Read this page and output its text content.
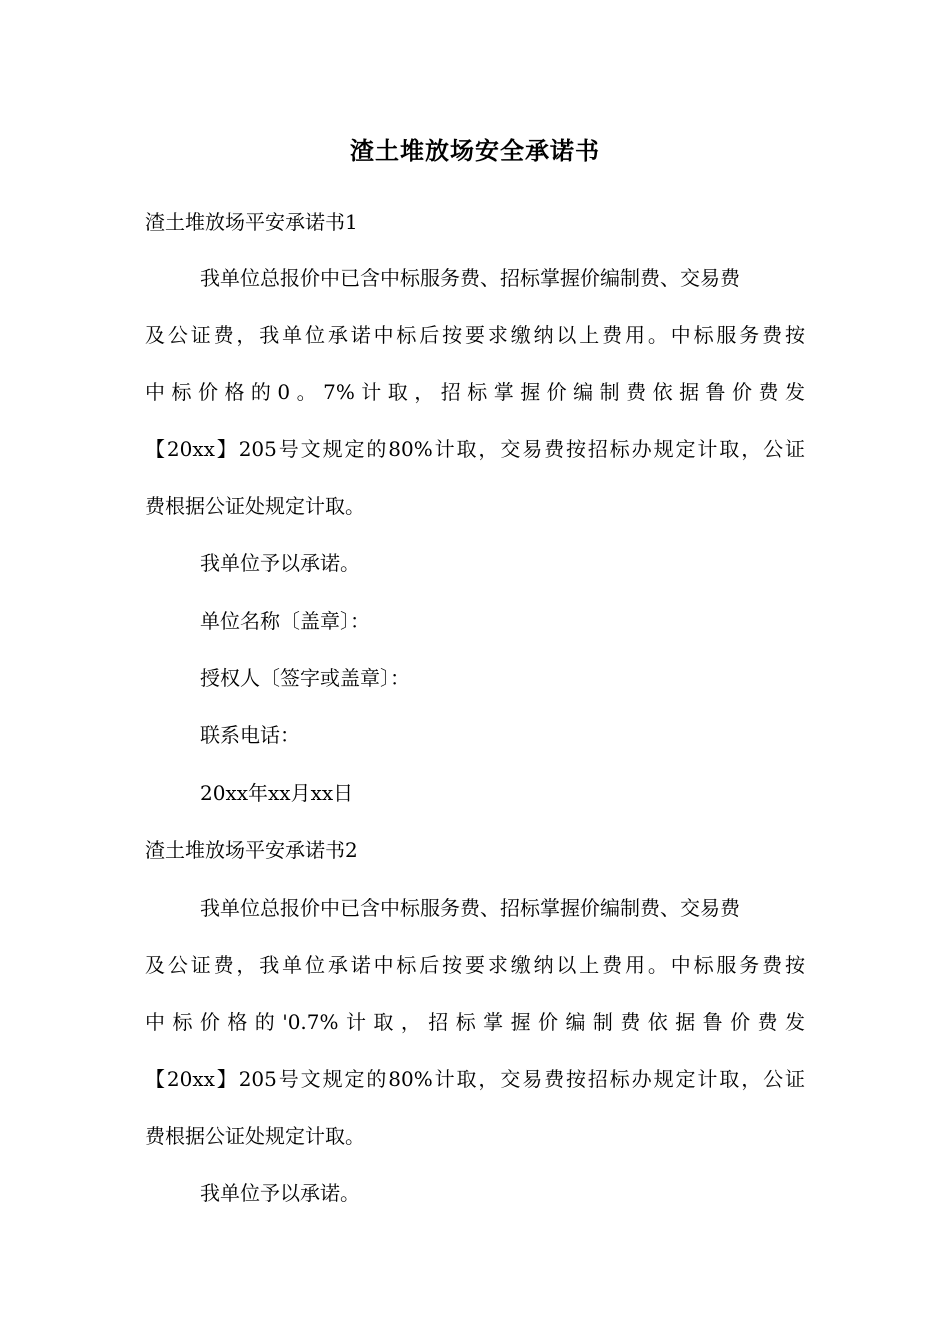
渣土堆放场安全承诺书
渣土堆放场平安承诺书1
我单位总报价中已含中标服务费、招标掌握价编制费、交易费
及公证费，我单位承诺中标后按要求缴纳以上费用。中标服务费按
中标价格的0。7%计取，招标掌握价编制费依据鲁价费发
【20xx】205号文规定的80%计取，交易费按招标办规定计取，公证
费根据公证处规定计取。
我单位予以承诺。
单位名称〔盖章〕：
授权人〔签字或盖章〕：
联系电话：
20xx年xx月xx日
渣土堆放场平安承诺书2
我单位总报价中已含中标服务费、招标掌握价编制费、交易费
及公证费，我单位承诺中标后按要求缴纳以上费用。中标服务费按
中标价格的'0.7%计取，招标掌握价编制费依据鲁价费发
【20xx】205号文规定的80%计取，交易费按招标办规定计取，公证
费根据公证处规定计取。
我单位予以承诺。
